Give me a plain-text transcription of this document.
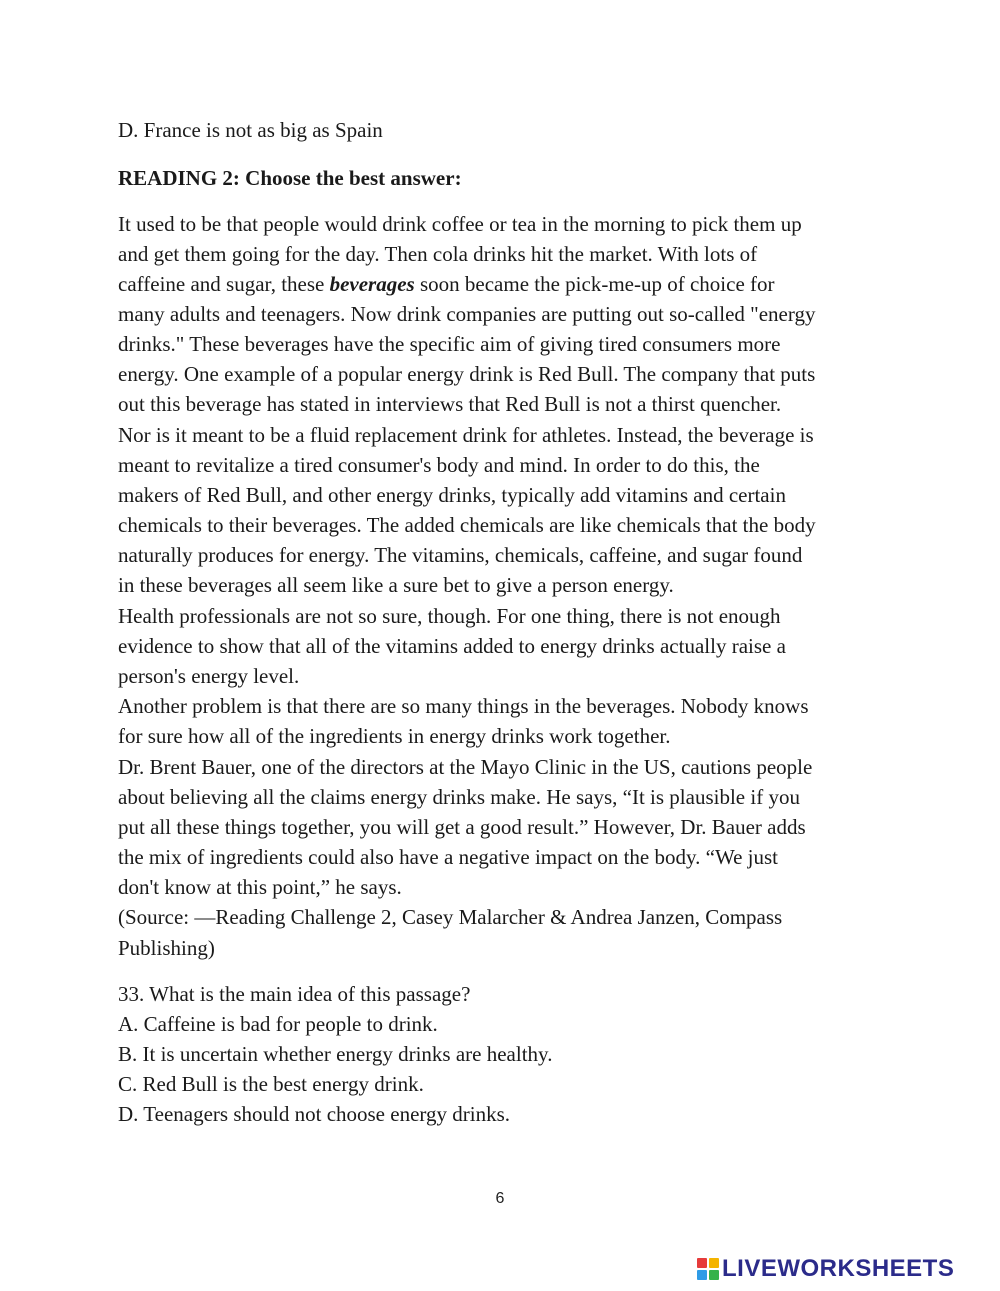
D. France is not as big as Spain
READING 2: Choose the best answer:
It used to be that people would drink coffee or tea in the morning to pick them up
and get them going for the day. Then cola drinks hit the market. With lots of
caffeine and sugar, these beverages soon became the pick-me-up of choice for
many adults and teenagers. Now drink companies are putting out so-called "energy
drinks." These beverages have the specific aim of giving tired consumers more
energy. One example of a popular energy drink is Red Bull. The company that puts
out this beverage has stated in interviews that Red Bull is not a thirst quencher.
Nor is it meant to be a fluid replacement drink for athletes. Instead, the beverage is
meant to revitalize a tired consumer's body and mind. In order to do this, the
makers of Red Bull, and other energy drinks, typically add vitamins and certain
chemicals to their beverages. The added chemicals are like chemicals that the body
naturally produces for energy. The vitamins, chemicals, caffeine, and sugar found
in these beverages all seem like a sure bet to give a person energy.
Health professionals are not so sure, though. For one thing, there is not enough
evidence to show that all of the vitamins added to energy drinks actually raise a
person's energy level.
Another problem is that there are so many things in the beverages. Nobody knows
for sure how all of the ingredients in energy drinks work together.
Dr. Brent Bauer, one of the directors at the Mayo Clinic in the US, cautions people
about believing all the claims energy drinks make. He says, “It is plausible if you
put all these things together, you will get a good result.” However, Dr. Bauer adds
the mix of ingredients could also have a negative impact on the body. “We just
don't know at this point,” he says.
(Source: ―Reading Challenge 2, Casey Malarcher & Andrea Janzen, Compass
Publishing)
33. What is the main idea of this passage?
A. Caffeine is bad for people to drink.
B. It is uncertain whether energy drinks are healthy.
C. Red Bull is the best energy drink.
D. Teenagers should not choose energy drinks.
6
LIVEWORKSHEETS
